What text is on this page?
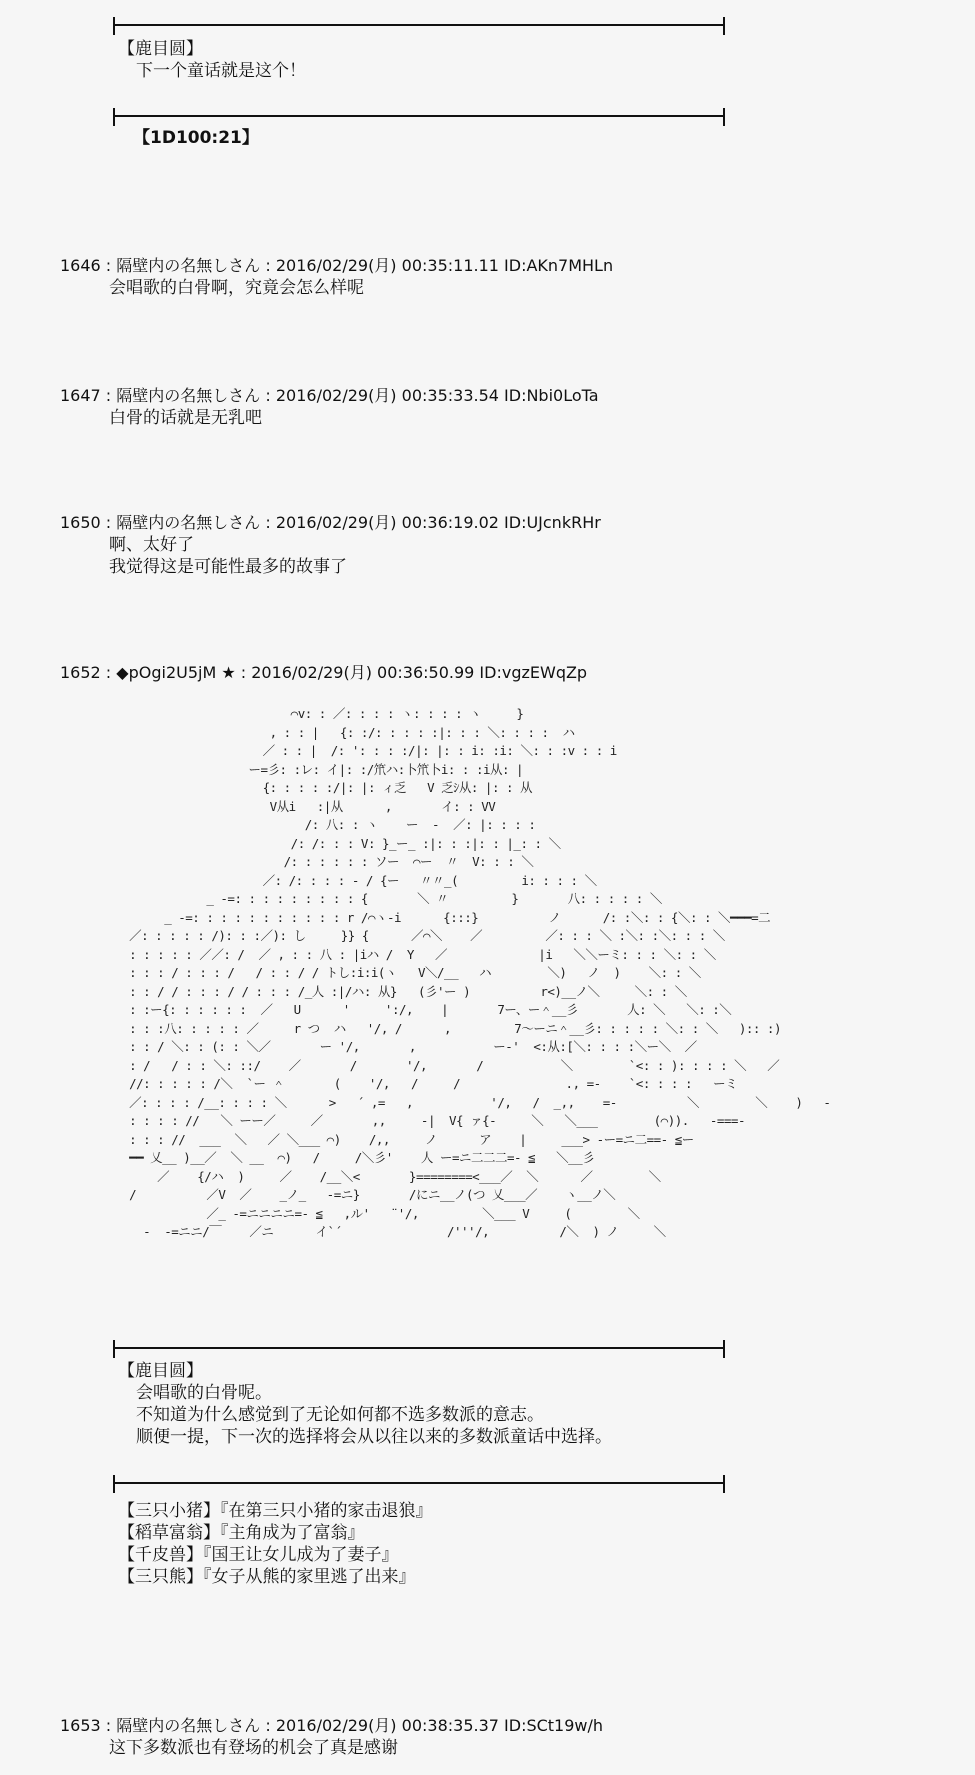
【鹿目圆】
下一个童话就是这个！
【1D100:21】
1646 : 隔壁内の名無しさん : 2016/02/29(月) 00:35:11.11 ID:AKn7MHLn
会唱歌的白骨啊，究竟会怎么样呢
1647 : 隔壁内の名無しさん : 2016/02/29(月) 00:35:33.54 ID:Nbi0LoTa
白骨的话就是无乳吧
1650 : 隔壁内の名無しさん : 2016/02/29(月) 00:36:19.02 ID:UJcnkRHr
啊、太好了
我觉得这是可能性最多的故事了
1652 : ◆pOgi2U5jM ★ : 2016/02/29(月) 00:36:50.99 ID:vgzEWqZp
⌒v: : ／: : : : ヽ: : : : ヽ     }
, : : |   {: :/: : : : :|: : : ＼: : : :  ハ
／ : : |  /: ': : : :/|: |: : i: :i: ＼: : :v : : i
ー=彡: :レ: イ|: :/笊ハ:卜笊卜i: : :i从: |
{: : : : :/|: |: ィ乏   V 乏ｼ从: |: : 从
V从i   :|从      ,       イ: : VV
/: 八: : ヽ    ー  -  ／: |: : : :
/: /: : : V: }_ー_ :|: : :|: : |_: : ＼
/: : : : : : ソー  ⌒ー  〃  V: : : ＼
／: /: : : : - / {ー   〃〃_(         i: : : : ＼
_ -=: : : : : : : : : {       ＼ 〃         }       八: : : : : ＼
_ -=: : : : : : : : : : : r /⌒ヽ-i      {:::}          ノ      /: :＼: : {＼: : ＼━━━=二
／: : : : : /): : :／): し     }} {      ／⌒＼    ／         ／: : : ＼ :＼: :＼: : : ＼
: : : : : ／／: /  ／ , : : 八 : |iハ /  Y   ／             |i   ＼＼ーミ: : : ＼: : ＼
: : : / : : : /   / : : / / トし:i:i(ヽ   V＼/__   ハ        ＼)   ノ  )    ＼: : ＼
: : / / : : : / / : : : /_人 :|/ハ: 从}   (彡'ー )          r<)__ノ＼     ＼: : ＼
: :ー{: : : : : :  ／   U      '     ':/,    |       7ー、ー＾__彡       人: ＼   ＼: :＼
: : :八: : : : : ／     r つ  ハ   '/, /      ,         7〜ーニ＾__彡: : : : : ＼: : ＼   ):: :)
: : / ＼: : (: : ＼／       ー '/,       ,           ー‐'  <:从:[＼: : : :＼ー＼  ／
: /   / : : ＼: ::/    ／       /       '/,       /           ＼        `<: : ): : : : ＼   ／
//: : : : : /＼  `ー ＾       (    '/,   /     /               ., =-    `<: : : :   ーミ
／: : : : /__: : : : ＼      >   ´ ,=   ,           '/,   /  _,,    =-          ＼        ＼    )   -
: : : : //   ＼ ーー／     ／       ,,     -|  V{ ァ{-     ＼   ＼___        (⌒)).   -===-
: : : //  ___  ＼   ／ ＼___ ⌒)    /,,     ノ      ア    |     ___> -ー=ニ二==- ≦ー
━━ 乂__ )__／  ＼ __  ⌒)   /     /＼彡'    人 ー=ニ二二二=- ≦   ＼__彡
／    {/ハ  )     ／    /__＼<       }========<___／  ＼      ／        ＼
/          ／V  ／    _ノ_   -=ニ}       /にニ__ノ(つ 乂___／    ヽ__ノ＼
／_ -=ニニニニ=- ≦   ,ル'   ¨'/,         ＼___ V     (        ＼
-  -=ニニ/￣    ／ニ      イ`´               /'''/,          /＼  ) ノ     ＼
【鹿目圆】
会唱歌的白骨呢。
不知道为什么感觉到了无论如何都不选多数派的意志。
顺便一提，下一次的选择将会从以往以来的多数派童话中选择。
【三只小猪】『在第三只小猪的家击退狼』
【稻草富翁】『主角成为了富翁』
【千皮兽】『国王让女儿成为了妻子』
【三只熊】『女子从熊的家里逃了出来』
1653 : 隔壁内の名無しさん : 2016/02/29(月) 00:38:35.37 ID:SCt19w/h
这下多数派也有登场的机会了真是感谢
